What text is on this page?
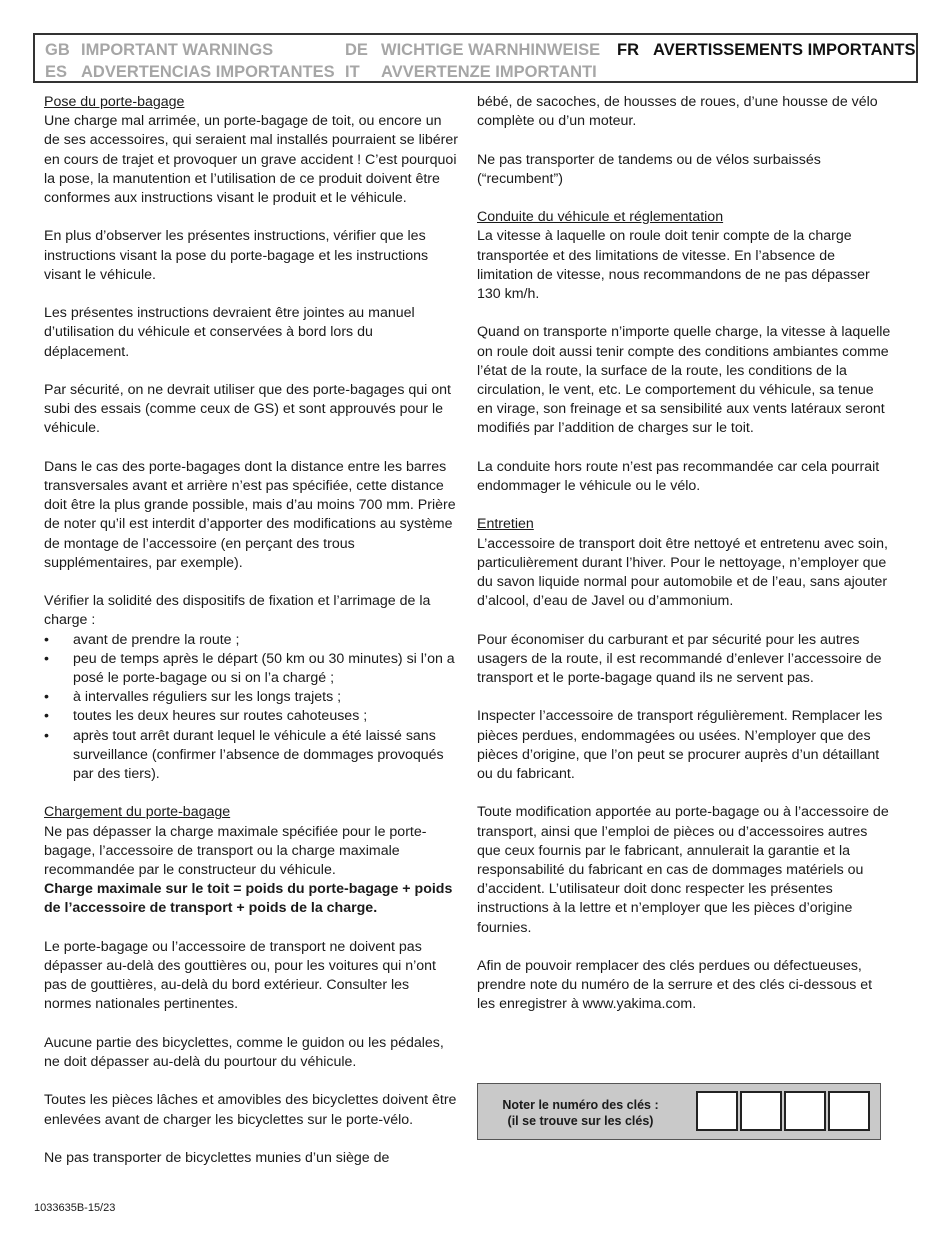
GB IMPORTANT WARNINGS	DE WICHTIGE WARNHINWEISE FR AVERTISSEMENTS IMPORTANTS
ES ADVERTENCIAS IMPORTANTES IT AVVERTENZE IMPORTANTI

Pose du porte-bagage

Une charge mal arrimée, un porte-bagage de toit, ou encore un de ses accessoires, qui seraient mal installés pourraient se libérer en cours de trajet et provoquer un grave accident ! C’est pourquoi la pose, la manutention et l’utilisation de ce produit doivent être conformes aux instructions visant le produit et le véhicule.

En plus d’observer les présentes instructions, vérifier que les instructions visant la pose du porte-bagage et les instructions visant le véhicule.

Les présentes instructions devraient être jointes au manuel d’utilisation du véhicule et conservées à bord lors du déplacement.

Par sécurité, on ne devrait utiliser que des porte-bagages qui ont subi des essais (comme ceux de GS) et sont approuvés pour le véhicule.

Dans le cas des porte-bagages dont la distance entre les barres transversales avant et arrière n’est pas spécifiée, cette distance doit être la plus grande possible, mais d’au moins 700 mm. Prière de noter qu’il est interdit d’apporter des modifications au système de montage de l’accessoire (en perçant des trous supplémentaires, par exemple).

Vérifier la solidité des dispositifs de fixation et l’arrimage de la charge :

• avant de prendre la route ;
• peu de temps après le départ (50 km ou 30 minutes) si l’on a posé le porte-bagage ou si on l’a chargé ;
• à intervalles réguliers sur les longs trajets ;
• toutes les deux heures sur routes cahoteuses ;
• après tout arrêt durant lequel le véhicule a été laissé sans surveillance (confirmer l’absence de dommages provoqués par des tiers).

Chargement du porte-bagage

Ne pas dépasser la charge maximale spécifiée pour le porte-bagage, l’accessoire de transport ou la charge maximale recommandée par le constructeur du véhicule.

Charge maximale sur le toit = poids du porte-bagage + poids de l’accessoire de transport + poids de la charge.

Le porte-bagage ou l’accessoire de transport ne doivent pas dépasser au-delà des gouttières ou, pour les voitures qui n’ont pas de gouttières, au-delà du bord extérieur. Consulter les normes nationales pertinentes.

Aucune partie des bicyclettes, comme le guidon ou les pédales, ne doit dépasser au-delà du pourtour du véhicule.

Toutes les pièces lâches et amovibles des bicyclettes doivent être enlevées avant de charger les bicyclettes sur le porte-vélo.

Ne pas transporter de bicyclettes munies d’un siège de

bébé, de sacoches, de housses de roues, d’une housse de vélo complète ou d’un moteur.

Ne pas transporter de tandems ou de vélos surbaissés (“recumbent”)

Conduite du véhicule et réglementation

La vitesse à laquelle on roule doit tenir compte de la charge transportée et des limitations de vitesse. En l’absence de limitation de vitesse, nous recommandons de ne pas dépasser 130 km/h.

Quand on transporte n’importe quelle charge, la vitesse à laquelle on roule doit aussi tenir compte des conditions ambiantes comme l’état de la route, la surface de la route, les conditions de la circulation, le vent, etc. Le comportement du véhicule, sa tenue en virage, son freinage et sa sensibilité aux vents latéraux seront modifiés par l’addition de charges sur le toit.

La conduite hors route n’est pas recommandée car cela pourrait endommager le véhicule ou le vélo.

Entretien

L’accessoire de transport doit être nettoyé et entretenu avec soin, particulièrement durant l’hiver. Pour le nettoyage, n’employer que du savon liquide normal pour automobile et de l’eau, sans ajouter d’alcool, d’eau de Javel ou d’ammonium.

Pour économiser du carburant et par sécurité pour les autres usagers de la route, il est recommandé d’enlever l’accessoire de transport et le porte-bagage quand ils ne servent pas.

Inspecter l’accessoire de transport régulièrement. Remplacer les pièces perdues, endommagées ou usées. N’employer que des pièces d’origine, que l’on peut se procurer auprès d’un détaillant ou du fabricant.

Toute modification apportée au porte-bagage ou à l’accessoire de transport, ainsi que l’emploi de pièces ou d’accessoires autres que ceux fournis par le fabricant, annulerait la garantie et la responsabilité du fabricant en cas de dommages matériels ou d’accident. L’utilisateur doit donc respecter les présentes instructions à la lettre et n’employer que les pièces d’origine fournies.

Afin de pouvoir remplacer des clés perdues ou défectueuses, prendre note du numéro de la serrure et des clés ci-dessous et les enregistrer à www.yakima.com.

Noter le numéro des clés :
(il se trouve sur les clés)
1033635B-15/23
